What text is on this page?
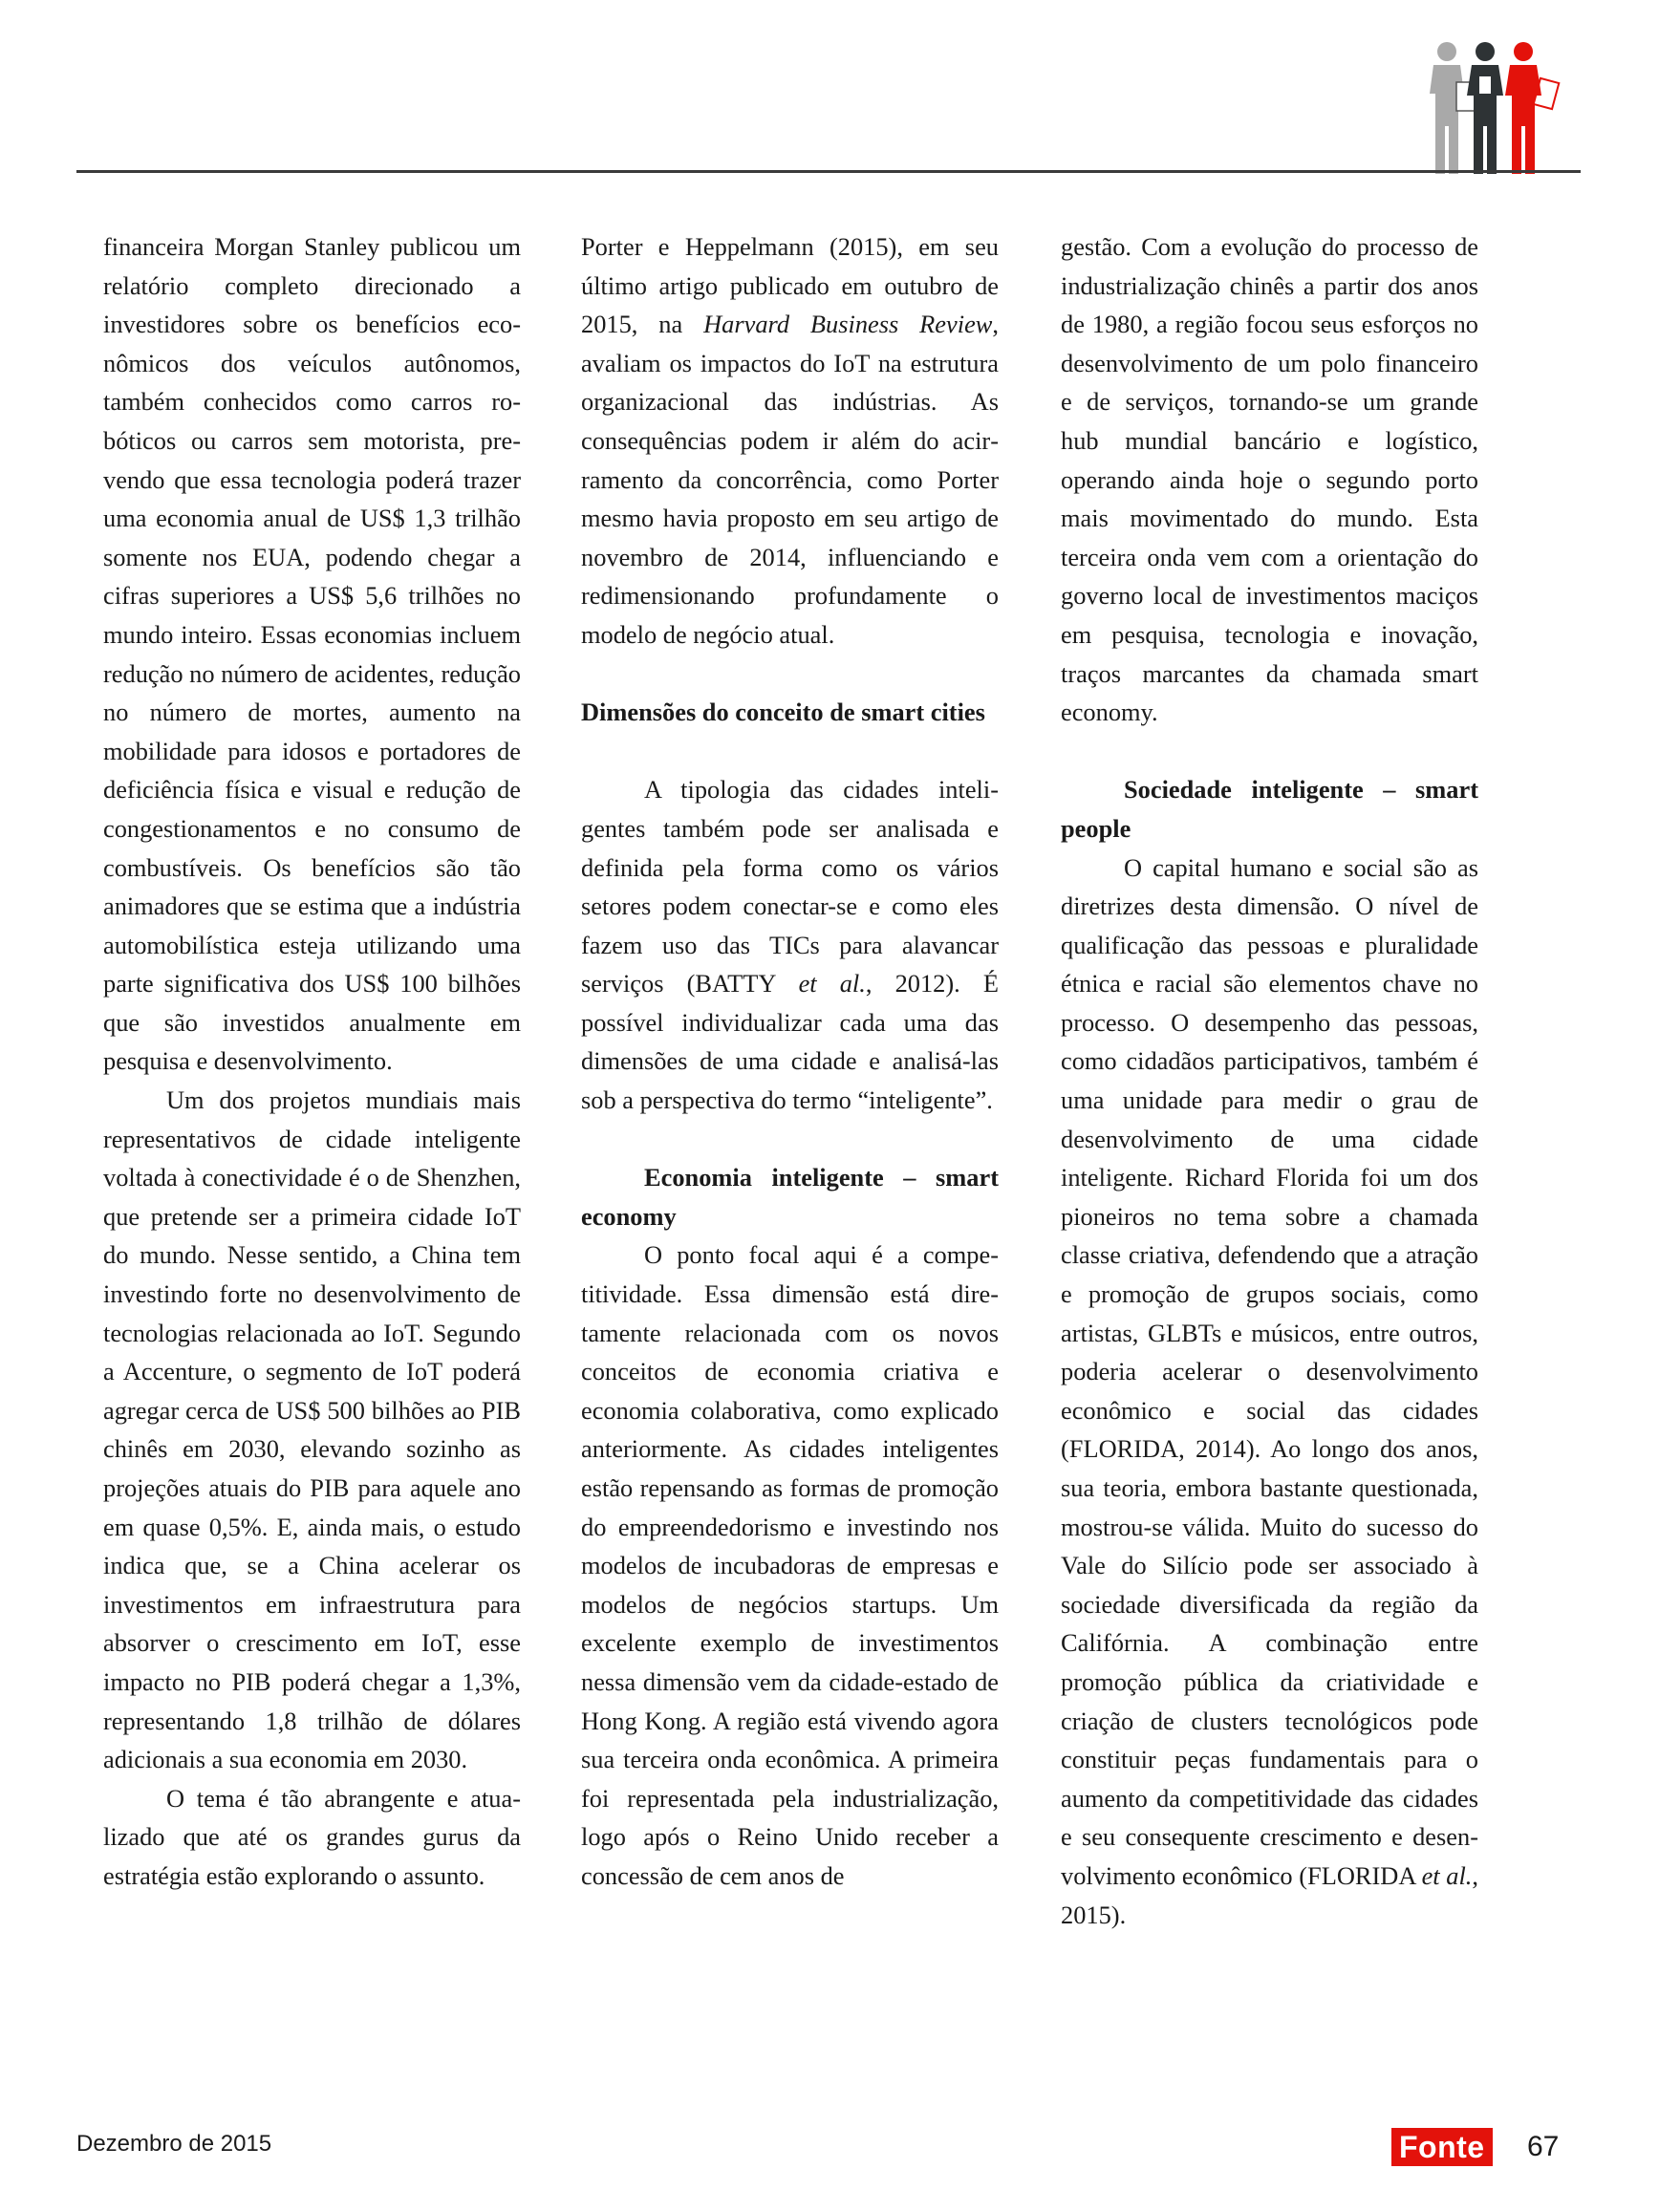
financeira Morgan Stanley publicou um relatório completo direcionado a investidores sobre os benefícios econômicos dos veículos autônomos, também conhecidos como carros robóticos ou carros sem motorista, prevendo que essa tecnologia poderá trazer uma economia anual de US$ 1,3 trilhão somente nos EUA, podendo chegar a cifras superiores a US$ 5,6 trilhões no mundo inteiro. Essas economias incluem redução no número de acidentes, redução no número de mortes, aumento na mobilidade para idosos e portadores de deficiência física e visual e redução de congestionamentos e no consumo de combustíveis. Os benefícios são tão animadores que se estima que a indústria automobilística esteja utilizando uma parte significativa dos US$ 100 bilhões que são investidos anualmente em pesquisa e desenvolvimento.

Um dos projetos mundiais mais representativos de cidade inteligente voltada à conectividade é o de Shenzhen, que pretende ser a primeira cidade IoT do mundo. Nesse sentido, a China tem investindo forte no desenvolvimento de tecnologias relacionada ao IoT. Segundo a Accenture, o segmento de IoT poderá agregar cerca de US$ 500 bilhões ao PIB chinês em 2030, elevando sozinho as projeções atuais do PIB para aquele ano em quase 0,5%. E, ainda mais, o estudo indica que, se a China acelerar os investimentos em infraestrutura para absorver o crescimento em IoT, esse impacto no PIB poderá chegar a 1,3%, representando 1,8 trilhão de dólares adicionais a sua economia em 2030.

O tema é tão abrangente e atualizado que até os grandes gurus da estratégia estão explorando o assunto.

Porter e Heppelmann (2015), em seu último artigo publicado em outubro de 2015, na Harvard Business Review, avaliam os impactos do IoT na estrutura organizacional das indústrias. As consequências podem ir além do acirramento da concorrência, como Porter mesmo havia proposto em seu artigo de novembro de 2014, influenciando e redimensionando profundamente o modelo de negócio atual.

Dimensões do conceito de smart cities

A tipologia das cidades inteligentes também pode ser analisada e definida pela forma como os vários setores podem conectar-se e como eles fazem uso das TICs para alavancar serviços (BATTY et al., 2012). É possível individualizar cada uma das dimensões de uma cidade e analisá-las sob a perspectiva do termo “inteligente”.

Economia inteligente – smart economy

O ponto focal aqui é a competitividade. Essa dimensão está diretamente relacionada com os novos conceitos de economia criativa e economia colaborativa, como explicado anteriormente. As cidades inteligentes estão repensando as formas de promoção do empreendedorismo e investindo nos modelos de incubadoras de empresas e modelos de negócios startups. Um excelente exemplo de investimentos nessa dimensão vem da cidade-estado de Hong Kong. A região está vivendo agora sua terceira onda econômica. A primeira foi representada pela industrialização, logo após o Reino Unido receber a concessão de cem anos de

gestão. Com a evolução do processo de industrialização chinês a partir dos anos de 1980, a região focou seus esforços no desenvolvimento de um polo financeiro e de serviços, tornando-se um grande hub mundial bancário e logístico, operando ainda hoje o segundo porto mais movimentado do mundo. Esta terceira onda vem com a orientação do governo local de investimentos maciços em pesquisa, tecnologia e inovação, traços marcantes da chamada smart economy.

Sociedade inteligente – smart people

O capital humano e social são as diretrizes desta dimensão. O nível de qualificação das pessoas e pluralidade étnica e racial são elementos chave no processo. O desempenho das pessoas, como cidadãos participativos, também é uma unidade para medir o grau de desenvolvimento de uma cidade inteligente. Richard Florida foi um dos pioneiros no tema sobre a chamada classe criativa, defendendo que a atração e promoção de grupos sociais, como artistas, GLBTs e músicos, entre outros, poderia acelerar o desenvolvimento econômico e social das cidades (FLORIDA, 2014). Ao longo dos anos, sua teoria, embora bastante questionada, mostrou-se válida. Muito do sucesso do Vale do Silício pode ser associado à sociedade diversificada da região da Califórnia. A combinação entre promoção pública da criatividade e criação de clusters tecnológicos pode constituir peças fundamentais para o aumento da competitividade das cidades e seu consequente crescimento e desenvolvimento econômico (FLORIDA et al., 2015).

Dezembro de 2015	Fonte 67
